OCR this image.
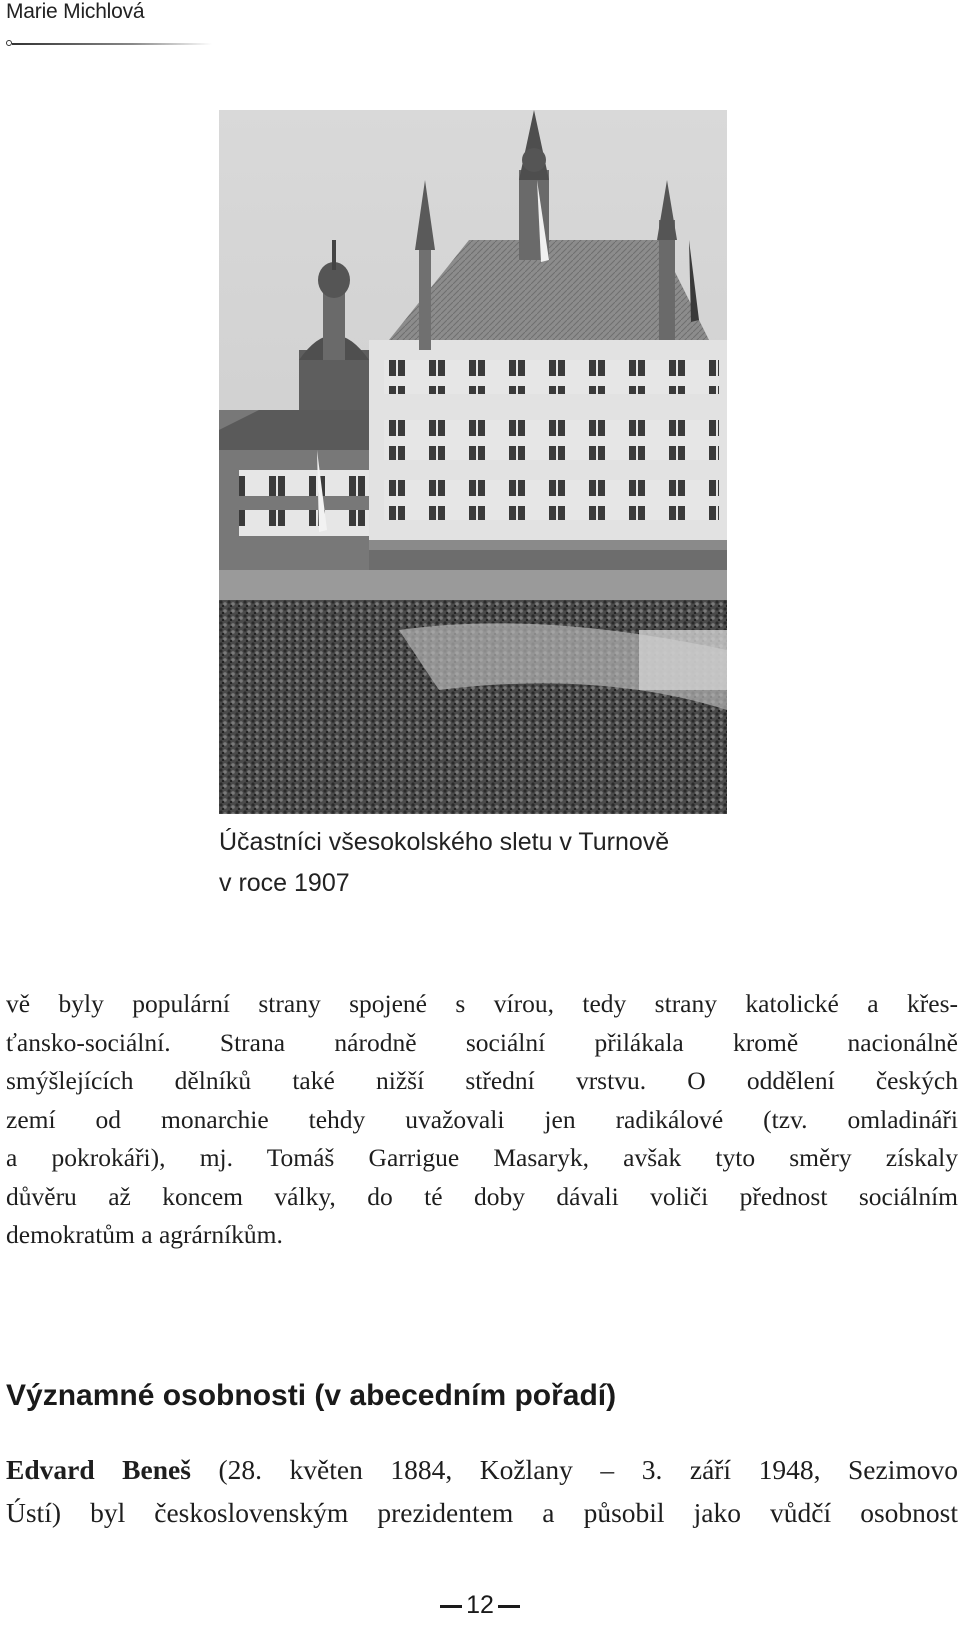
Marie Michlová
Účastníci všesokolského sletu v Turnově
v roce 1907

vě byly populární strany spojené s vírou, tedy strany katolické a křes-
ťansko-sociální. Strana národně sociální přilákala kromě nacionálně
smýšlejících dělníků také nižší střední vrstvu. O oddělení českých
zemí od monarchie tehdy uvažovali jen radikálové (tzv. omladináři
a pokrokáři), mj. Tomáš Garrigue Masaryk, avšak tyto směry získaly
důvěru až koncem války, do té doby dávali voliči přednost sociálním
demokratům a agrárníkům.

Významné osobnosti (v abecedním pořadí)

Edvard Beneš (28. květen 1884, Kožlany – 3. září 1948, Sezimovo
Ústí) byl československým prezidentem a působil jako vůdčí osobnost

12
